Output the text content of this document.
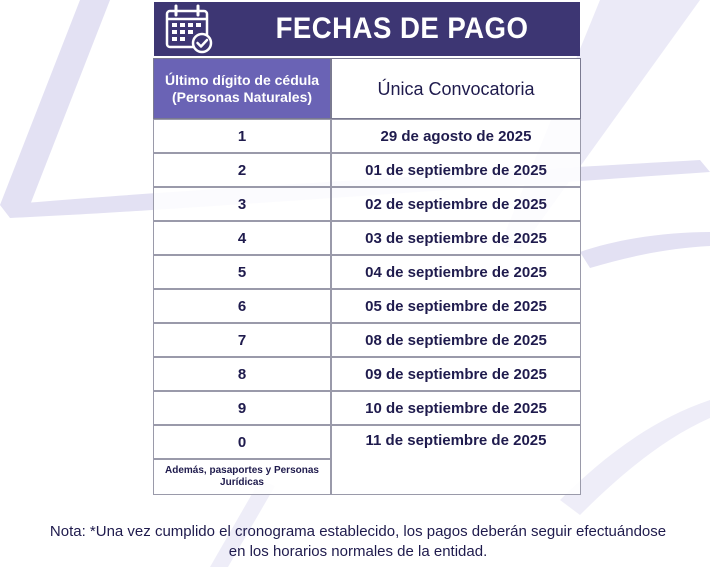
FECHAS DE PAGO
Último dígito de cédula
(Personas Naturales)	Única Convocatoria
1	29 de agosto de 2025
2	01 de septiembre de 2025
3	02 de septiembre de 2025
4	03 de septiembre de 2025
5	04 de septiembre de 2025
6	05 de septiembre de 2025
7	08 de septiembre de 2025
8	09 de septiembre de 2025
9	10 de septiembre de 2025
0	11 de septiembre de 2025
Además, pasaportes y Personas Jurídicas
Nota: *Una vez cumplido el cronograma establecido, los pagos deberán seguir efectuándose
en los horarios normales de la entidad.
